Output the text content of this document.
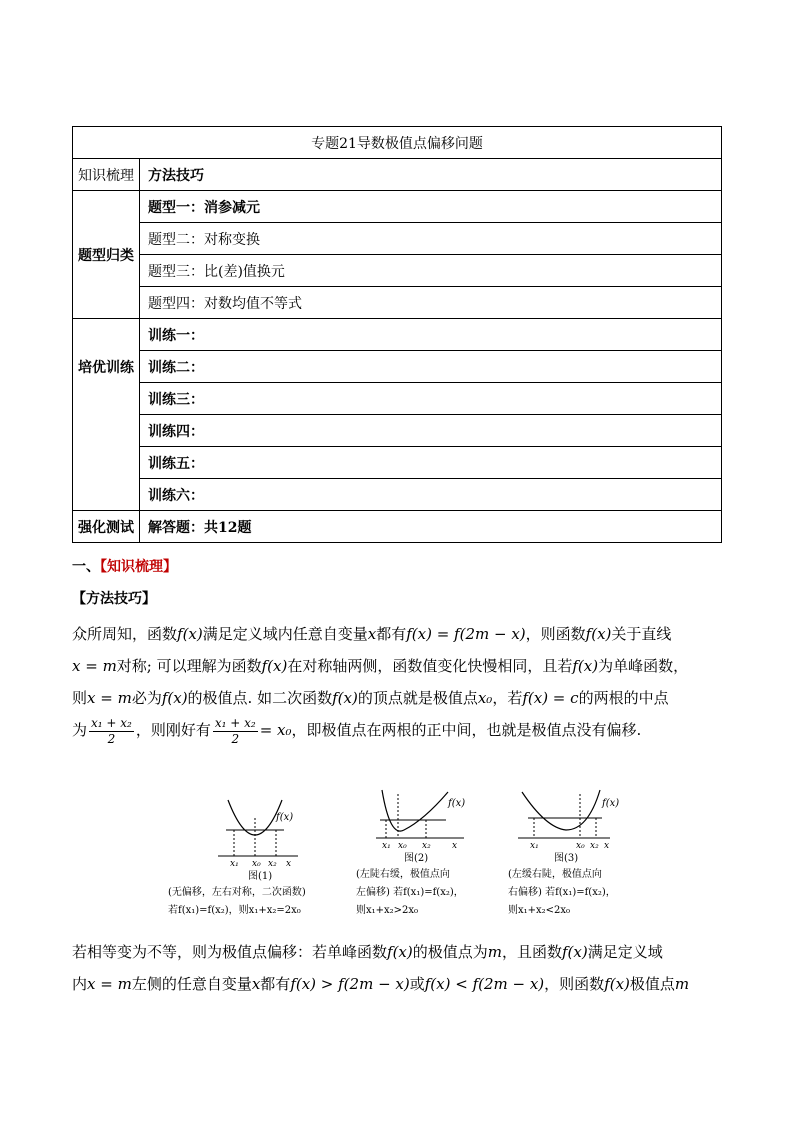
专题21导数极值点偏移问题	
知识梳理	方法技巧
题型归类	题型一：消参减元
	题型二：对称变换
	题型三：比(差)值换元
	题型四：对数均值不等式
培优训练	训练一：
	训练二：
	训练三：
	训练四：
	训练五：
	训练六：
强化测试	解答题：共12题
一、【知识梳理】
【方法技巧】
众所周知，函数f(x)满足定义域内任意自变量x都有f(x) = f(2m − x)，则函数f(x)关于直线
x = m对称; 可以理解为函数f(x)在对称轴两侧，函数值变化快慢相同，且若f(x)为单峰函数，
则x = m必为f(x)的极值点. 如二次函数f(x)的顶点就是极值点x₀，若f(x) = c的两根的中点
为 $\frac{\text{x₁ + x₂}}{2}$ ，则刚好有 $\frac{\text{x₁ + x₂}}{2} = x_0$，即极值点在两根的正中间，也就是极值点没有偏移.
f(x)
x₁ x₀ x₂ x
图(1)
(无偏移，左右对称，二次函数)
若f(x₁)=f(x₂)，则x₁+x₂=2x₀
f(x)
x₁ x₀ x₂ x
图(2)
(左陡右缓，极值点向
左偏移) 若f(x₁)=f(x₂)，
则x₁+x₂>2x₀
f(x)
x₁	x₀ x₂ x
图(3)
(左缓右陡，极值点向
右偏移) 若f(x₁)=f(x₂)，
则x₁+x₂<2x₀
若相等变为不等，则为极值点偏移：若单峰函数f(x)的极值点为m，且函数f(x)满足定义域
内x = m左侧的任意自变量x都有f(x) > f(2m − x)或f(x) < f(2m − x)，则函数f(x)极值点m
